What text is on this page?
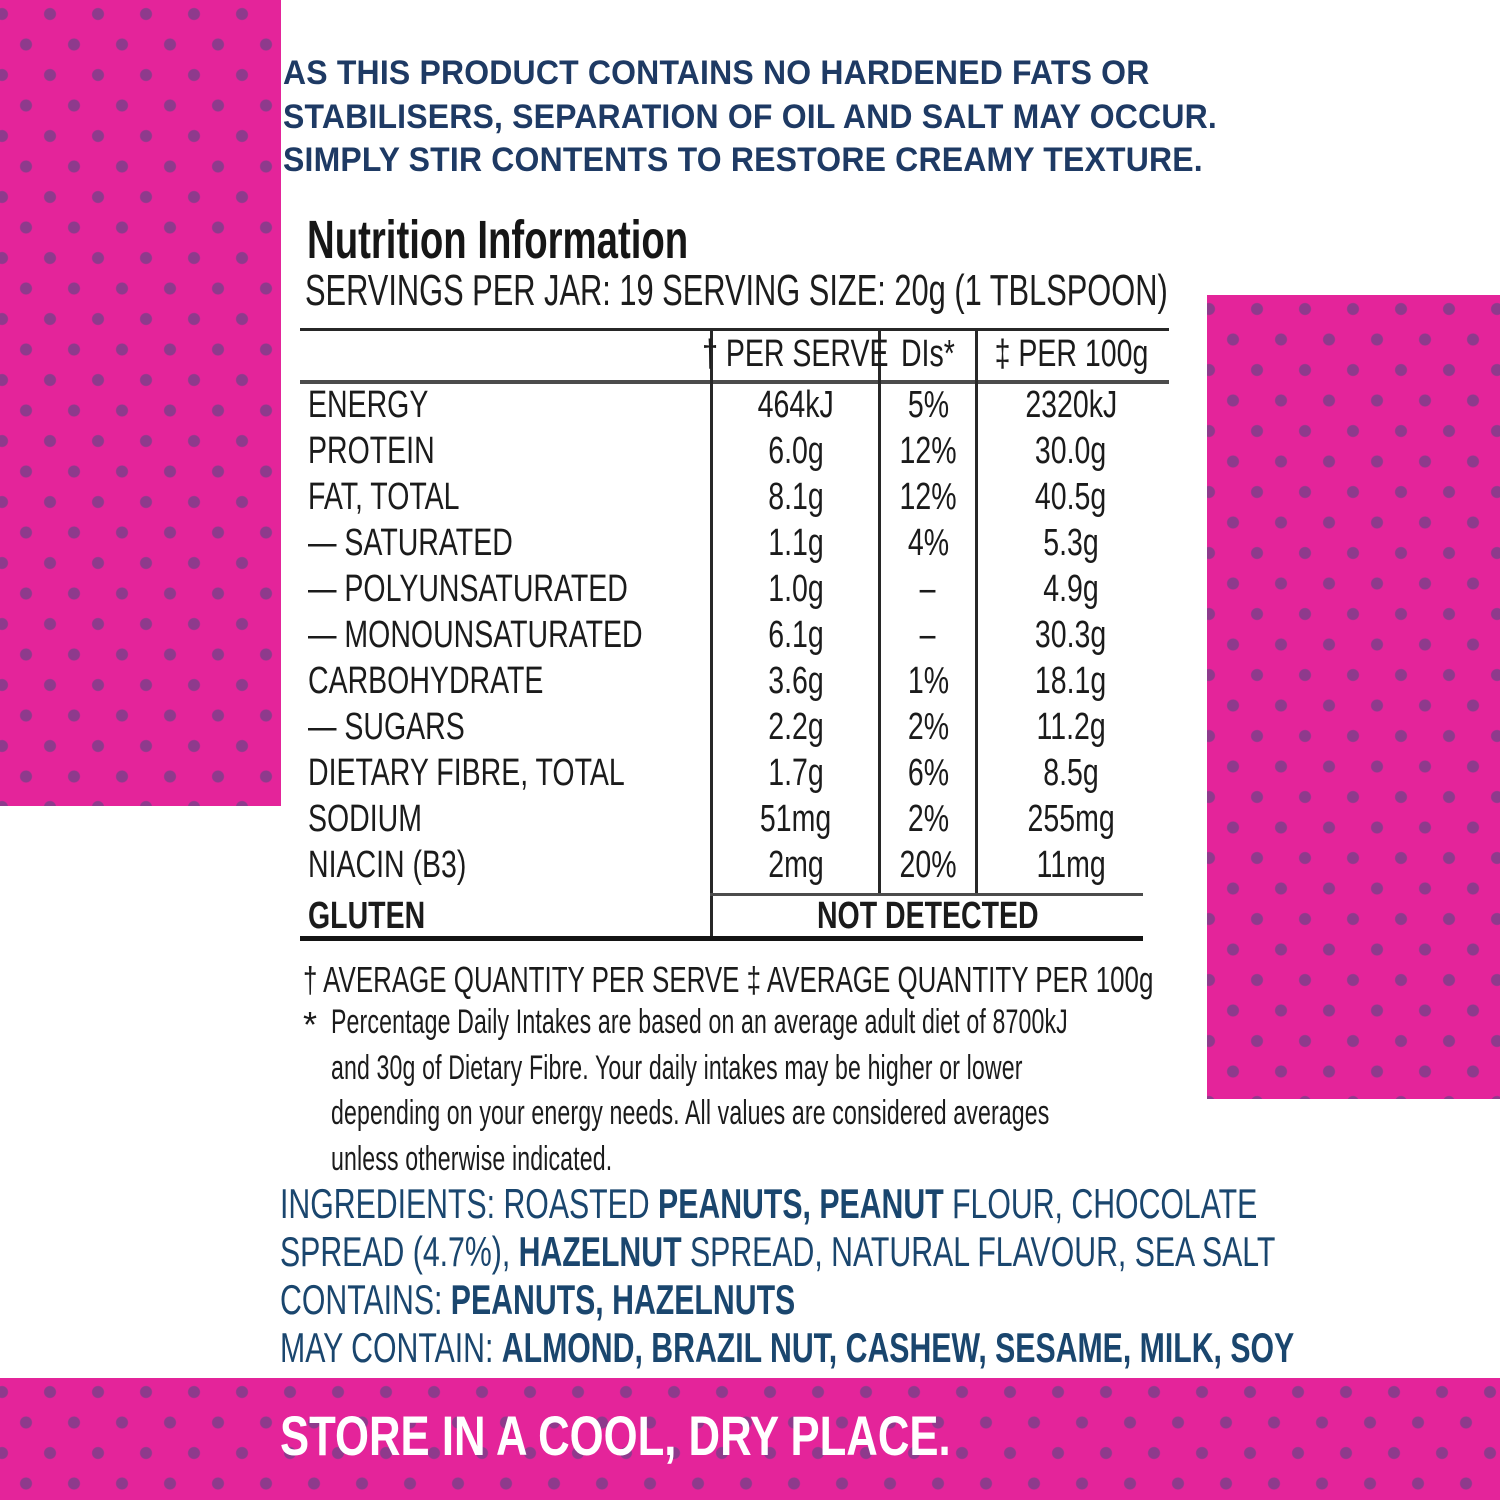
AS THIS PRODUCT CONTAINS NO HARDENED FATS OR
STABILISERS, SEPARATION OF OIL AND SALT MAY OCCUR.
SIMPLY STIR CONTENTS TO RESTORE CREAMY TEXTURE.
Nutrition Information
SERVINGS PER JAR: 19 SERVING SIZE: 20g (1 TBLSPOON)
† PER SERVE DIs* ‡ PER 100g
ENERGY	464kJ 5% 2320kJ
PROTEIN	6.0g 12% 30.0g
FAT, TOTAL	8.1g 12% 40.5g
— SATURATED	1.1g 4% 5.3g
— POLYUNSATURATED	1.0g	–	4.9g
— MONOUNSATURATED	6.1g	–	30.3g
CARBOHYDRATE	3.6g 1% 18.1g
— SUGARS	2.2g 2% 11.2g
DIETARY FIBRE, TOTAL	1.7g 6% 8.5g
SODIUM	51mg 2% 255mg
NIACIN (B3)	2mg 20% 11mg
GLUTEN	NOT DETECTED
† AVERAGE QUANTITY PER SERVE ‡ AVERAGE QUANTITY PER 100g
* Percentage Daily Intakes are based on an average adult diet of 8700kJ
and 30g of Dietary Fibre. Your daily intakes may be higher or lower
depending on your energy needs. All values are considered averages
unless otherwise indicated.
INGREDIENTS: ROASTED PEANUTS, PEANUT FLOUR, CHOCOLATE
SPREAD (4.7%), HAZELNUT SPREAD, NATURAL FLAVOUR, SEA SALT
CONTAINS: PEANUTS, HAZELNUTS
MAY CONTAIN: ALMOND, BRAZIL NUT, CASHEW, SESAME, MILK, SOY
STORE IN A COOL, DRY PLACE.
